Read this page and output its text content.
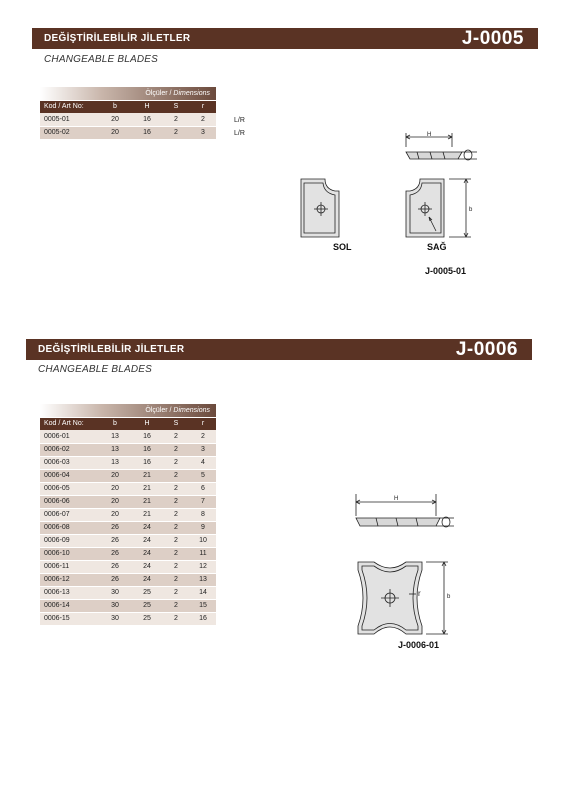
DEĞİŞTİRİLEBİLİR JİLETLER	J-0005
CHANGEABLE BLADES
Ölçüler / Dimensions				
Kod / Art No:	b	H	S	r
0005-01	20	16	2	2
0005-02	20	16	2	3
L/R
L/R	H
b
SOL	SAĞ
J-0005-01
DEĞİŞTİRİLEBİLİR JİLETLER	J-0006
CHANGEABLE BLADES
Ölçüler / Dimensions				
Kod / Art No:	b	H	S	r
0006-01	13	16	2	2
0006-02	13	16	2	3
0006-03	13	16	2	4
0006-04	20	21	2	5
0006-05	20	21	2	6
0006-06	20	21	2	7
0006-07	20	21	2	8
0006-08	26	24	2	9
0006-09	26	24	2	10
0006-10	26	24	2	11
0006-11	26	24	2	12
0006-12	26	24	2	13
0006-13	30	25	2	14
0006-14	30	25	2	15
0006-15	30	25	2	16
H
b
r
J-0006-01
